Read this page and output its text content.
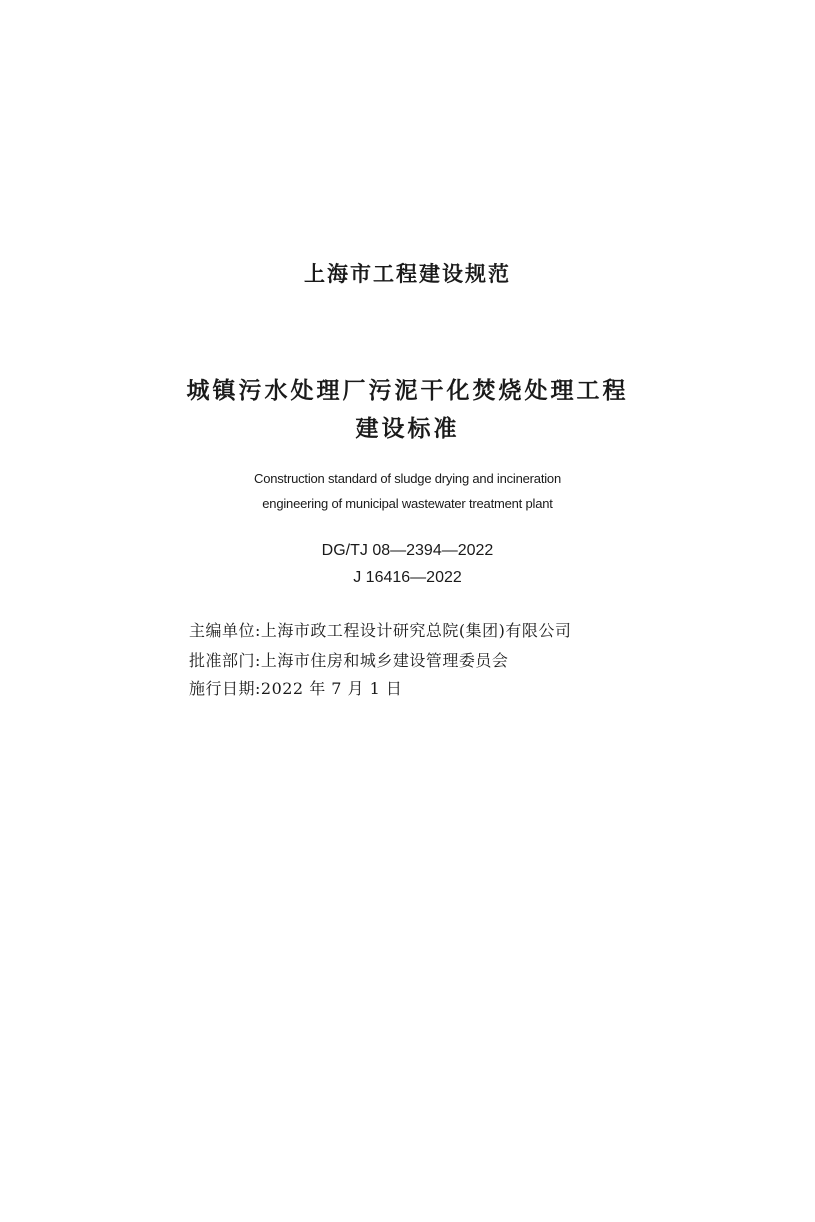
上海市工程建设规范
城镇污水处理厂污泥干化焚烧处理工程
建设标准
Construction standard of sludge drying and incineration
engineering of municipal wastewater treatment plant
DG/TJ 08—2394—2022
J 16416—2022
主编单位:上海市政工程设计研究总院(集团)有限公司
批准部门:上海市住房和城乡建设管理委员会
施行日期:2022 年 7 月 1 日
